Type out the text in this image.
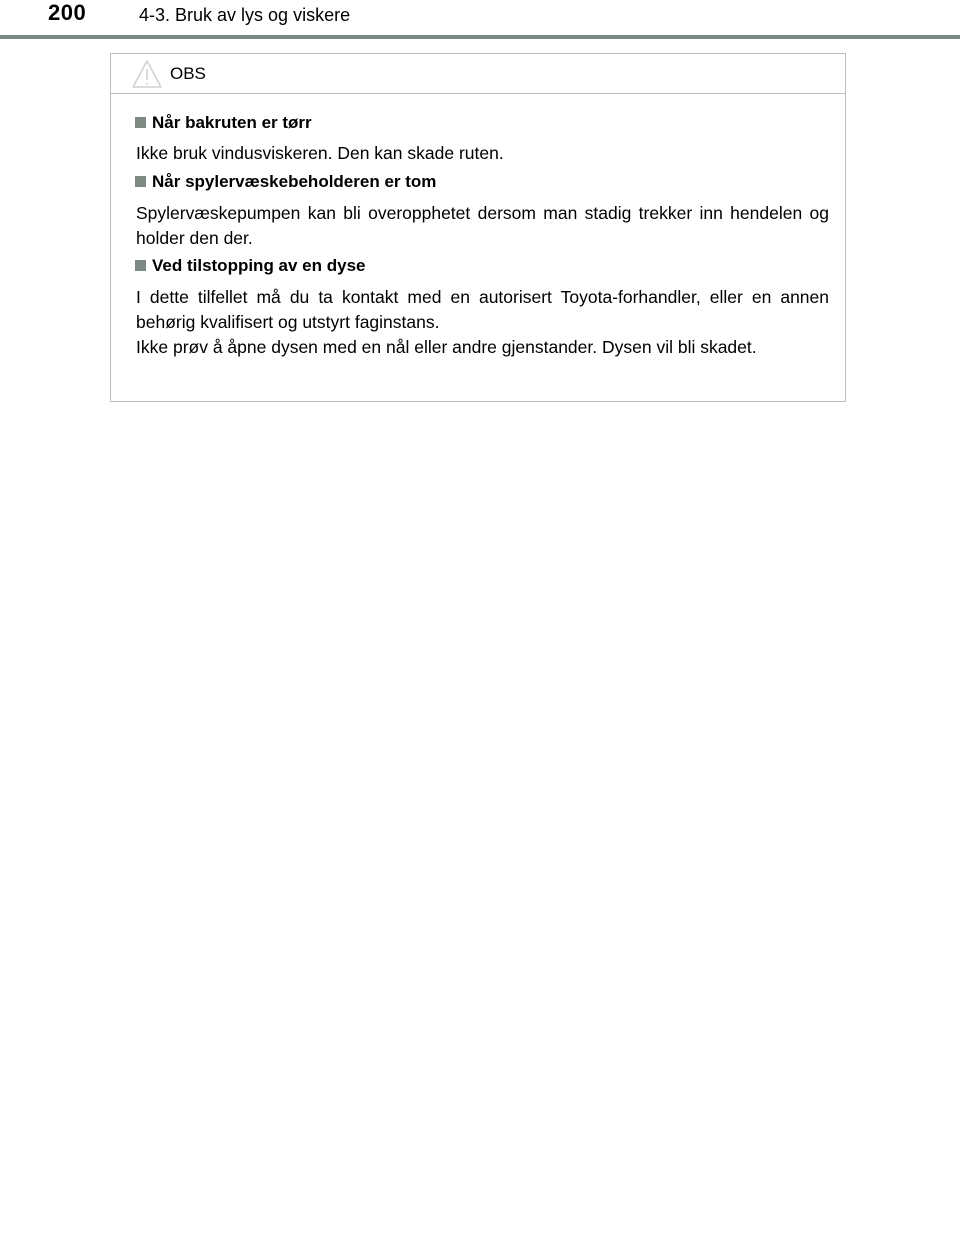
200	4-3. Bruk av lys og viskere
OBS
Når bakruten er tørr

Ikke bruk vindusviskeren. Den kan skade ruten.

Når spylervæskebeholderen er tom

Spylervæskepumpen kan bli overopphetet dersom man stadig trekker inn hendelen og holder den der.

Ved tilstopping av en dyse

I dette tilfellet må du ta kontakt med en autorisert Toyota-forhandler, eller en annen behørig kvalifisert og utstyrt faginstans.

Ikke prøv å åpne dysen med en nål eller andre gjenstander. Dysen vil bli skadet.
